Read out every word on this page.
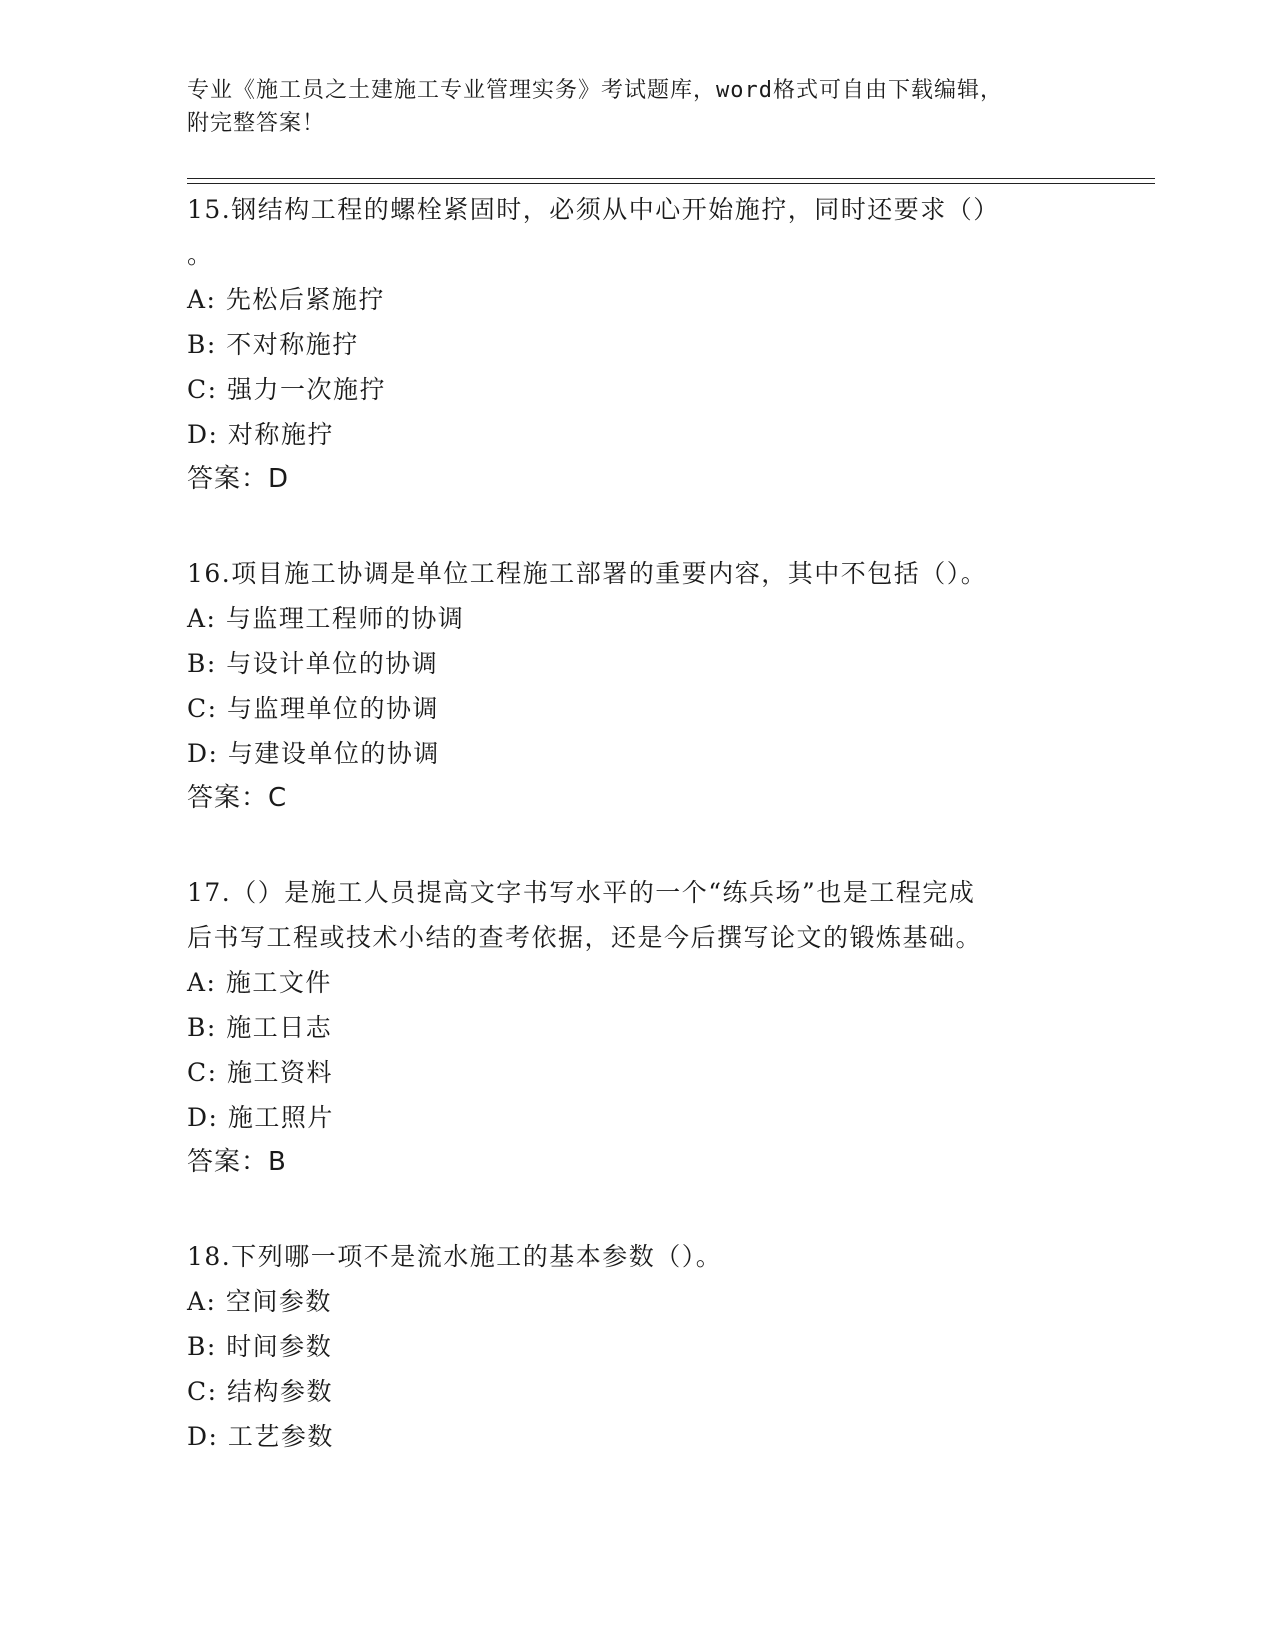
专业《施工员之土建施工专业管理实务》考试题库，word格式可自由下载编辑，
附完整答案！
15.钢结构工程的螺栓紧固时，必须从中心开始施拧，同时还要求（）
。
A: 先松后紧施拧
B: 不对称施拧
C: 强力一次施拧
D: 对称施拧
答案：D
16.项目施工协调是单位工程施工部署的重要内容，其中不包括（）。
A: 与监理工程师的协调
B: 与设计单位的协调
C: 与监理单位的协调
D: 与建设单位的协调
答案：C
17.（）是施工人员提高文字书写水平的一个“练兵场”也是工程完成
后书写工程或技术小结的查考依据，还是今后撰写论文的锻炼基础。
A: 施工文件
B: 施工日志
C: 施工资料
D: 施工照片
答案：B
18.下列哪一项不是流水施工的基本参数（）。
A: 空间参数
B: 时间参数
C: 结构参数
D: 工艺参数
